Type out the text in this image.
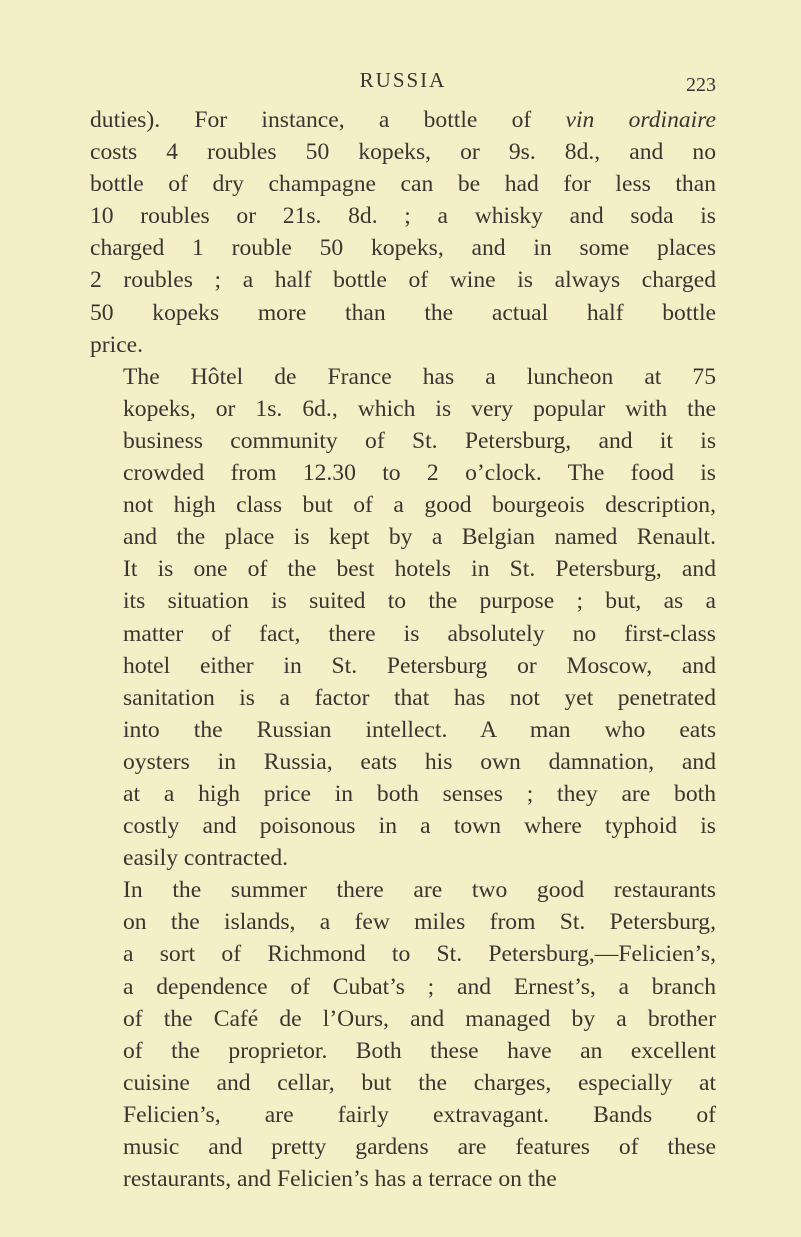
RUSSIA	223
duties). For instance, a bottle of vin ordinaire
costs 4 roubles 50 kopeks, or 9s. 8d., and no
bottle of dry champagne can be had for less than
10 roubles or 21s. 8d. ; a whisky and soda is
charged 1 rouble 50 kopeks, and in some places
2 roubles ; a half bottle of wine is always charged
50 kopeks more than the actual half bottle
price.
The Hôtel de France has a luncheon at 75
kopeks, or 1s. 6d., which is very popular with the
business community of St. Petersburg, and it is
crowded from 12.30 to 2 o’clock. The food is
not high class but of a good bourgeois description,
and the place is kept by a Belgian named Renault.
It is one of the best hotels in St. Petersburg, and
its situation is suited to the purpose ; but, as a
matter of fact, there is absolutely no first-class
hotel either in St. Petersburg or Moscow, and
sanitation is a factor that has not yet penetrated
into the Russian intellect. A man who eats
oysters in Russia, eats his own damnation, and
at a high price in both senses ; they are both
costly and poisonous in a town where typhoid is
easily contracted.
In the summer there are two good restaurants
on the islands, a few miles from St. Petersburg,
a sort of Richmond to St. Petersburg,—Felicien’s,
a dependence of Cubat’s ; and Ernest’s, a branch
of the Café de l’Ours, and managed by a brother
of the proprietor. Both these have an excellent
cuisine and cellar, but the charges, especially at
Felicien’s, are fairly extravagant. Bands of
music and pretty gardens are features of these
restaurants, and Felicien’s has a terrace on the
